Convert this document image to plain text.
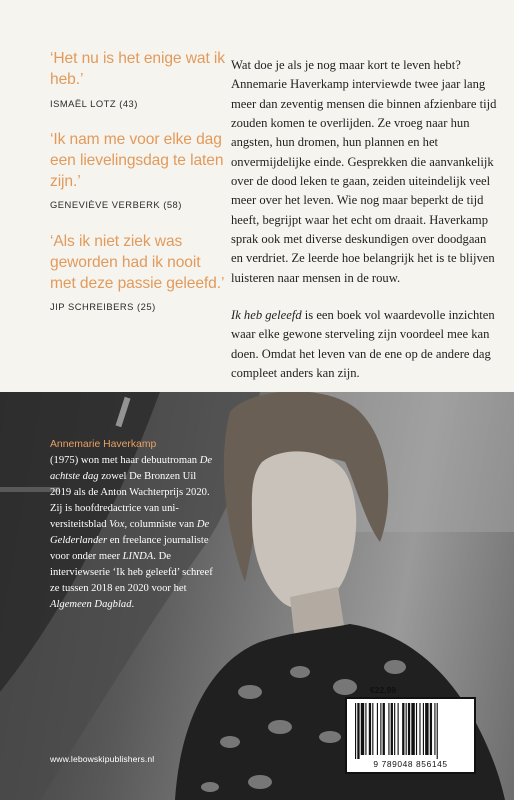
‘Het nu is het enige wat ik heb.’
ISMAËL LOTZ (43)
‘Ik nam me voor elke dag een lievelingsdag te laten zijn.’
GENEVIÈVE VERBERK (58)
‘Als ik niet ziek was geworden had ik nooit met deze passie geleefd.’
JIP SCHREIBERS (25)

Wat doe je als je nog maar kort te leven hebt? Annemarie Haverkamp interviewde twee jaar lang meer dan zeventig mensen die binnen afzienbare tijd zouden komen te overlijden. Ze vroeg naar hun angsten, hun dromen, hun plannen en het onvermijdelijke einde. Gesprekken die aanvankelijk over de dood leken te gaan, zeiden uiteindelijk veel meer over het leven. Wie nog maar beperkt de tijd heeft, begrijpt waar het echt om draait. Haverkamp sprak ook met diverse deskundigen over doodgaan en verdriet. Ze leerde hoe belangrijk het is te blijven luisteren naar mensen in de rouw.

Ik heb geleefd is een boek vol waardevolle inzichten waar elke gewone sterveling zijn voordeel mee kan doen. Omdat het leven van de ene op de andere dag compleet anders kan zijn.

Annemarie Haverkamp
(1975) won met haar debuutroman De achtste dag zowel De Bronzen Uil 2019 als de Anton Wachterprijs 2020. Zij is hoofdredactrice van universiteitsblad Vox, columniste van De Gelderlander en freelance journaliste voor onder meer LINDA. De interviewserie ‘Ik heb geleefd’ schreef ze tussen 2018 en 2020 voor het Algemeen Dagblad.
www.lebowskipublishers.nl
€22,99
9 789048 856145
